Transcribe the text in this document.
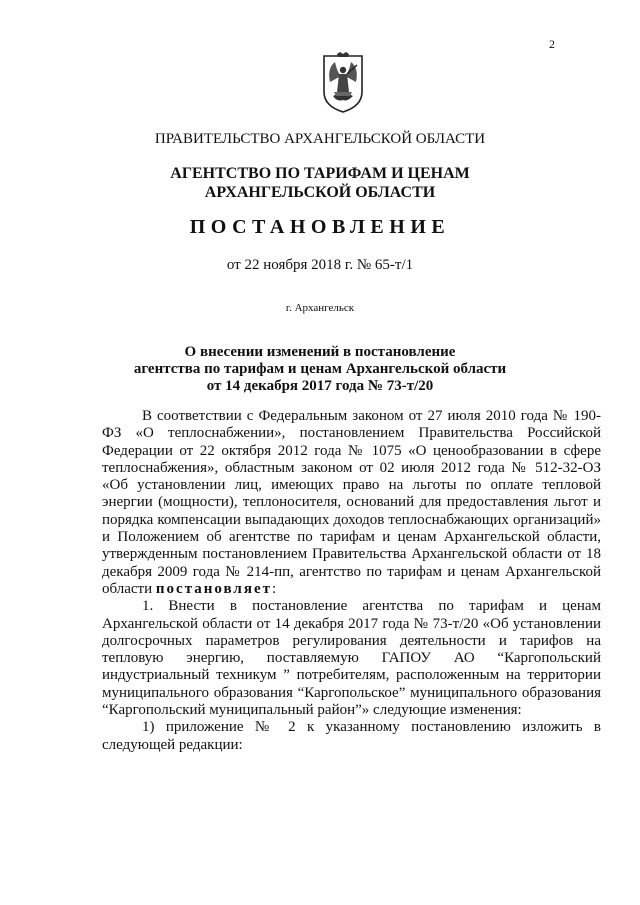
2
ПРАВИТЕЛЬСТВО АРХАНГЕЛЬСКОЙ ОБЛАСТИ
АГЕНТСТВО ПО ТАРИФАМ И ЦЕНАМ
АРХАНГЕЛЬСКОЙ ОБЛАСТИ
ПОСТАНОВЛЕНИЕ
от 22 ноября 2018 г. № 65-т/1
г. Архангельск
О внесении изменений в постановление
агентства по тарифам и ценам Архангельской области
от 14 декабря 2017 года № 73-т/20

В соответствии с Федеральным законом от 27 июля 2010 года № 190-ФЗ «О теплоснабжении», постановлением Правительства Российской Федерации от 22 октября 2012 года № 1075 «О ценообразовании в сфере теплоснабжения», областным законом от 02 июля 2012 года № 512-32-ОЗ «Об установлении лиц, имеющих право на льготы по оплате тепловой энергии (мощности), теплоносителя, оснований для предоставления льгот и порядка компенсации выпадающих доходов теплоснабжающих организаций» и Положением об агентстве по тарифам и ценам Архангельской области, утвержденным постановлением Правительства Архангельской области от 18 декабря 2009 года № 214-пп, агентство по тарифам и ценам Архангельской области постановляет:

1. Внести в постановление агентства по тарифам и ценам Архангельской области от 14 декабря 2017 года № 73-т/20 «Об установлении долгосрочных параметров регулирования деятельности и тарифов на тепловую энергию, поставляемую ГАПОУ АО “Каргопольский индустриальный техникум ” потребителям, расположенным на территории муниципального образования “Каргопольское” муниципального образования “Каргопольский муниципальный район”» следующие изменения:

1) приложение № 2 к указанному постановлению изложить в следующей редакции:
